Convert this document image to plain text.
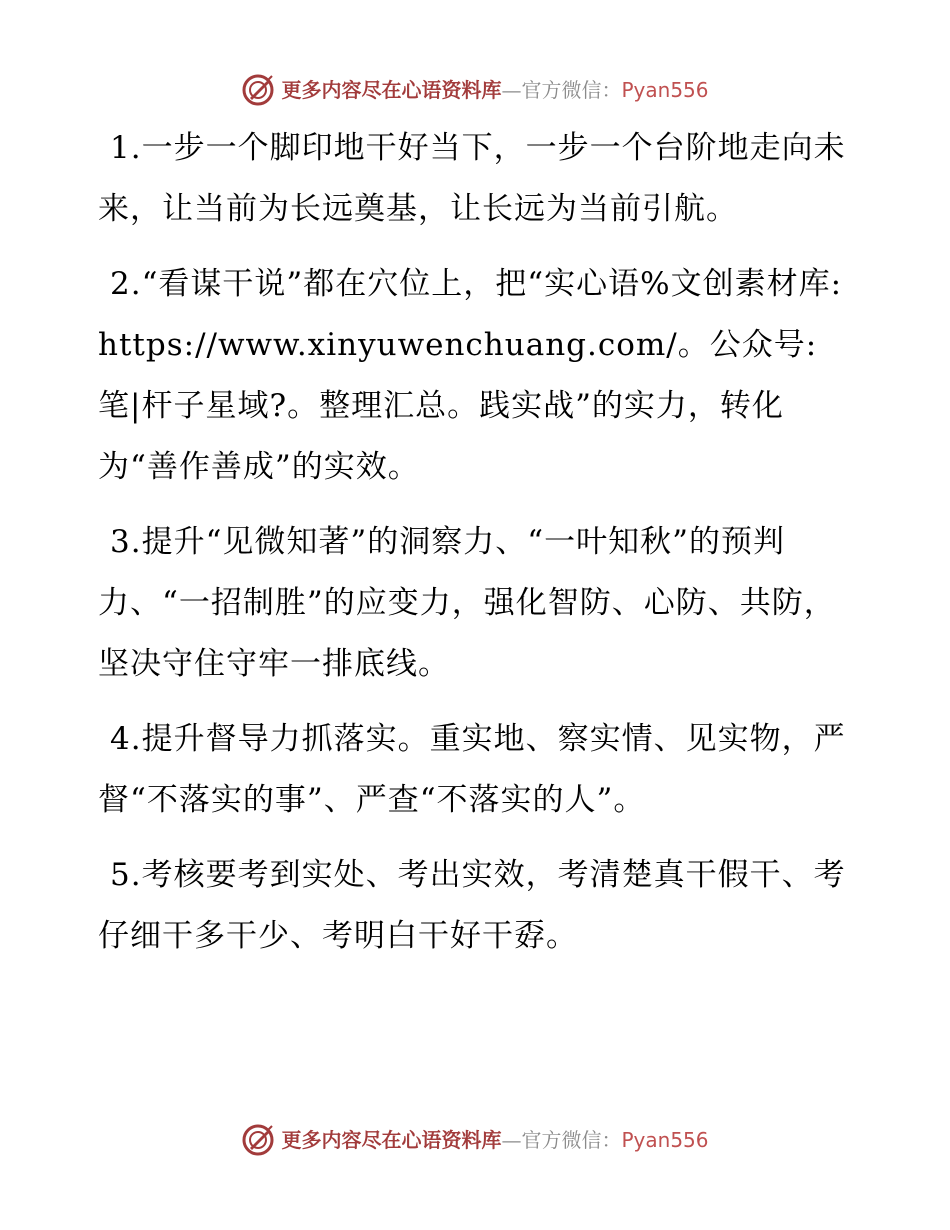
更多内容尽在心语资料库 — 官方微信： Pyan556

1.一步一个脚印地干好当下，一步一个台阶地走向未来，让当前为长远奠基，让长远为当前引航。

2.“看谋干说”都在穴位上，把“实心语%文创素材库: https://www.xinyuwenchuang.com/。公众号: 笔|杆子星域?。整理汇总。践实战”的实力，转化为“善作善成”的实效。

3.提升“见微知著”的洞察力、“一叶知秋”的预判力、“一招制胜”的应变力，强化智防、心防、共防，坚决守住守牢一排底线。

4.提升督导力抓落实。重实地、察实情、见实物，严督“不落实的事”、严查“不落实的人”。

5.考核要考到实处、考出实效，考清楚真干假干、考仔细干多干少、考明白干好干孬。

更多内容尽在心语资料库 — 官方微信： Pyan556
